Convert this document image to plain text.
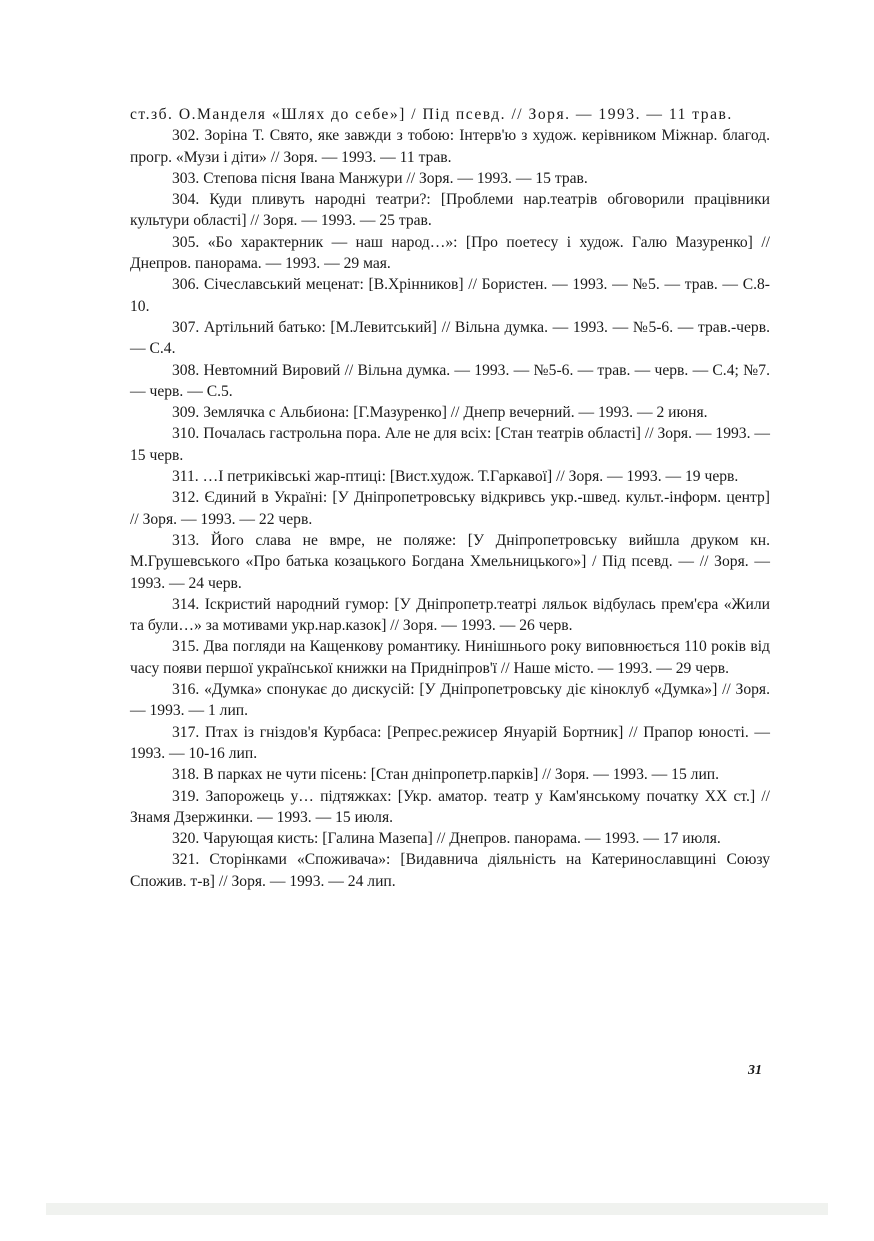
ст.зб. О.Манделя «Шлях до себе»] / Під псевд. // Зоря. — 1993. — 11 трав.

302. Зоріна Т. Свято, яке завжди з тобою: Інтерв'ю з худож. керівником Міжнар. благод. прогр. «Музи і діти» // Зоря. — 1993. — 11 трав.

303. Степова пісня Івана Манжури // Зоря. — 1993. — 15 трав.

304. Куди пливуть народні театри?: [Проблеми нар.театрів обговорили працівники культури області] // Зоря. — 1993. — 25 трав.

305. «Бо характерник — наш народ…»: [Про поетесу і худож. Галю Мазуренко] // Днепров. панорама. — 1993. — 29 мая.

306. Січеславський меценат: [В.Хрінников] // Бористен. — 1993. — №5. — трав. — С.8-10.

307. Артільний батько: [М.Левитський] // Вільна думка. — 1993. — №5-6. — трав.-черв. — С.4.

308. Невтомний Вировий // Вільна думка. — 1993. — №5-6. — трав. — черв. — С.4; №7. — черв. — С.5.

309. Землячка с Альбиона: [Г.Мазуренко] // Днепр вечерний. — 1993. — 2 июня.

310. Почалась гастрольна пора. Але не для всіх: [Стан театрів області] // Зоря. — 1993. — 15 черв.

311. …І петриківські жар-птиці: [Вист.худож. Т.Гаркавої] // Зоря. — 1993. — 19 черв.

312. Єдиний в Україні: [У Дніпропетровську відкривсь укр.-швед. культ.-інформ. центр] // Зоря. — 1993. — 22 черв.

313. Його слава не вмре, не поляже: [У Дніпропетровську вийшла друком кн. М.Грушевського «Про батька козацького Богдана Хмельницького»] / Під псевд. — // Зоря. — 1993. — 24 черв.

314. Іскристий народний гумор: [У Дніпропетр.театрі ляльок відбулась прем'єра «Жили та були…» за мотивами укр.нар.казок] // Зоря. — 1993. — 26 черв.

315. Два погляди на Кащенкову романтику. Нинішнього року виповнюється 110 років від часу появи першої української книжки на Придніпров'ї // Наше місто. — 1993. — 29 черв.

316. «Думка» спонукає до дискусій: [У Дніпропетровську діє кіноклуб «Думка»] // Зоря. — 1993. — 1 лип.

317. Птах із гніздов'я Курбаса: [Репрес.режисер Януарій Бортник] // Прапор юності. — 1993. — 10-16 лип.

318. В парках не чути пісень: [Стан дніпропетр.парків] // Зоря. — 1993. — 15 лип.

319. Запорожець у… підтяжках: [Укр. аматор. театр у Кам'янському початку XX ст.] // Знамя Дзержинки. — 1993. — 15 июля.

320. Чарующая кисть: [Галина Мазепа] // Днепров. панорама. — 1993. — 17 июля.

321. Сторінками «Споживача»: [Видавнича діяльність на Катеринославщині Союзу Спожив. т-в] // Зоря. — 1993. — 24 лип.

31
